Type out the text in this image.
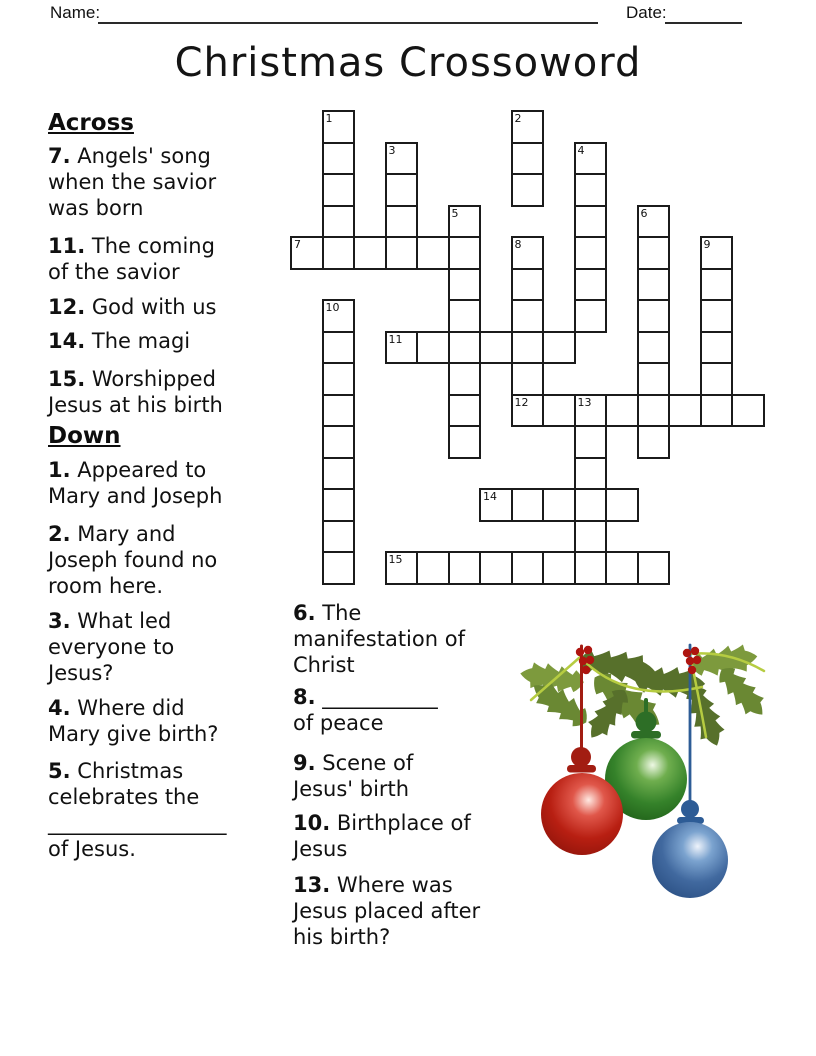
Name:	Date:
Christmas Crossoword
Across
Down
7. Angels' song
when the savior
was born
11. The coming
of the savior
12. God with us
14. The magi
15. Worshipped
Jesus at his birth
1. Appeared to
Mary and Joseph
2. Mary and
Joseph found no
room here.
3. What led
everyone to
Jesus?
4. Where did
Mary give birth?
5. Christmas
celebrates the
_________________
of Jesus.
6. The
manifestation of
Christ
8. ___________
of peace
9. Scene of
Jesus' birth
10. Birthplace of
Jesus
13. Where was
Jesus placed after
his birth?
1	2
3	4
5	6
7	8
12
9
10
11
13
14
15
